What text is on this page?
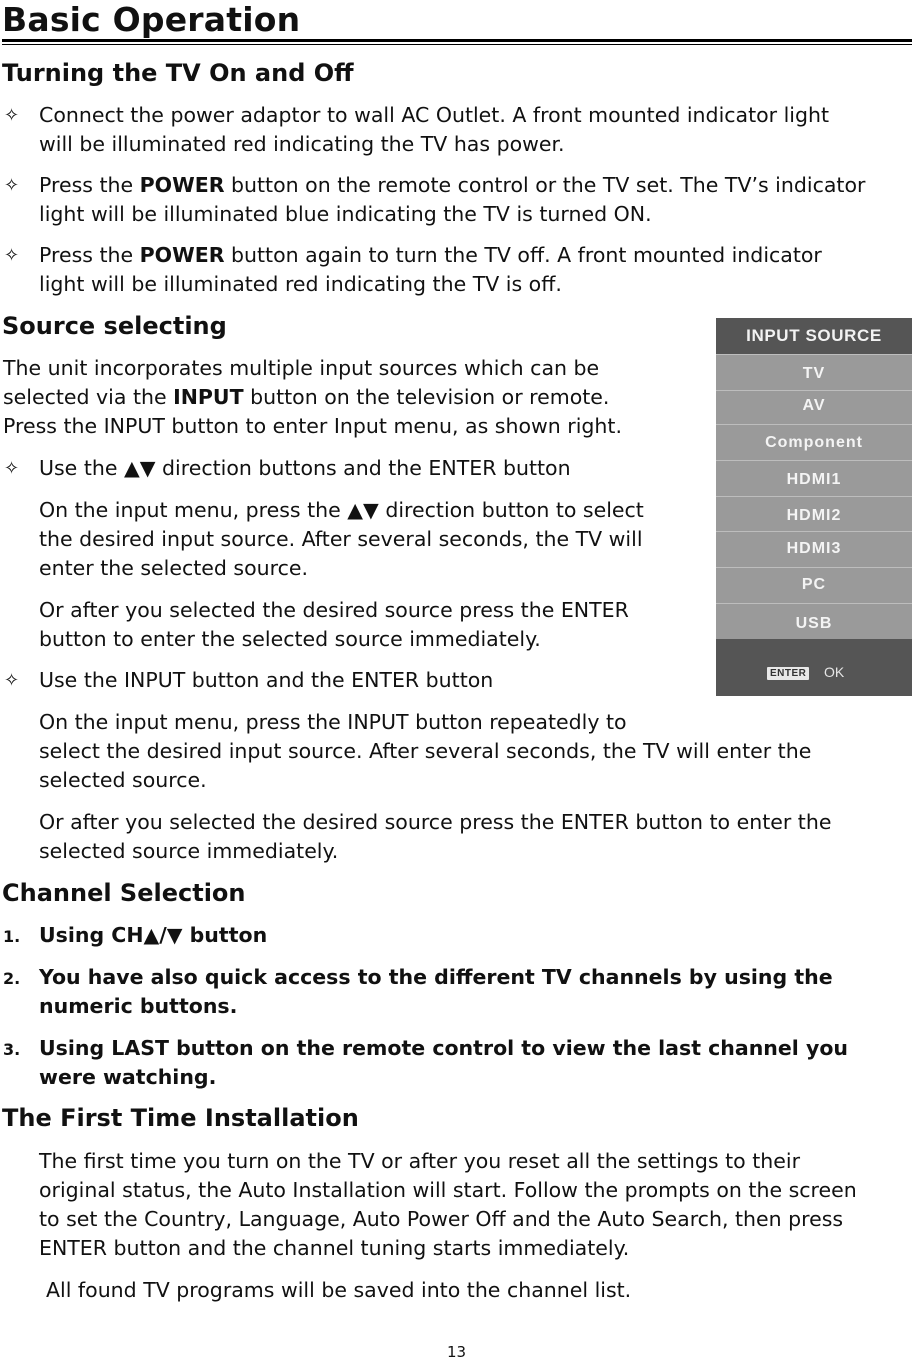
Basic Operation
Turning the TV On and Off
✧ Connect the power adaptor to wall AC Outlet. A front mounted indicator light
will be illuminated red indicating the TV has power.
✧ Press the POWER button on the remote control or the TV set. The TV’s indicator
light will be illuminated blue indicating the TV is turned ON.
✧ Press the POWER button again to turn the TV off. A front mounted indicator
light will be illuminated red indicating the TV is off.
Source selecting
The unit incorporates multiple input sources which can be
selected via the INPUT button on the television or remote.
Press the INPUT button to enter Input menu, as shown right.
✧ Use the ▲▼ direction buttons and the ENTER button
On the input menu, press the ▲▼ direction button to select
the desired input source. After several seconds, the TV will
enter the selected source.
Or after you selected the desired source press the ENTER
button to enter the selected source immediately.
✧ Use the INPUT button and the ENTER button
On the input menu, press the INPUT button repeatedly to
select the desired input source. After several seconds, the TV will enter the
selected source.
Or after you selected the desired source press the ENTER button to enter the
selected source immediately.
INPUT SOURCE
TV
AV
Component
HDMI1
HDMI2
HDMI3
PC
USB
ENTER OK
Channel Selection
1. Using CH▲/▼ button
2. You have also quick access to the different TV channels by using the
numeric buttons.
3. Using LAST button on the remote control to view the last channel you
were watching.
The First Time Installation
The first time you turn on the TV or after you reset all the settings to their
original status, the Auto Installation will start. Follow the prompts on the screen
to set the Country, Language, Auto Power Off and the Auto Search, then press
ENTER button and the channel tuning starts immediately.
All found TV programs will be saved into the channel list.
13
